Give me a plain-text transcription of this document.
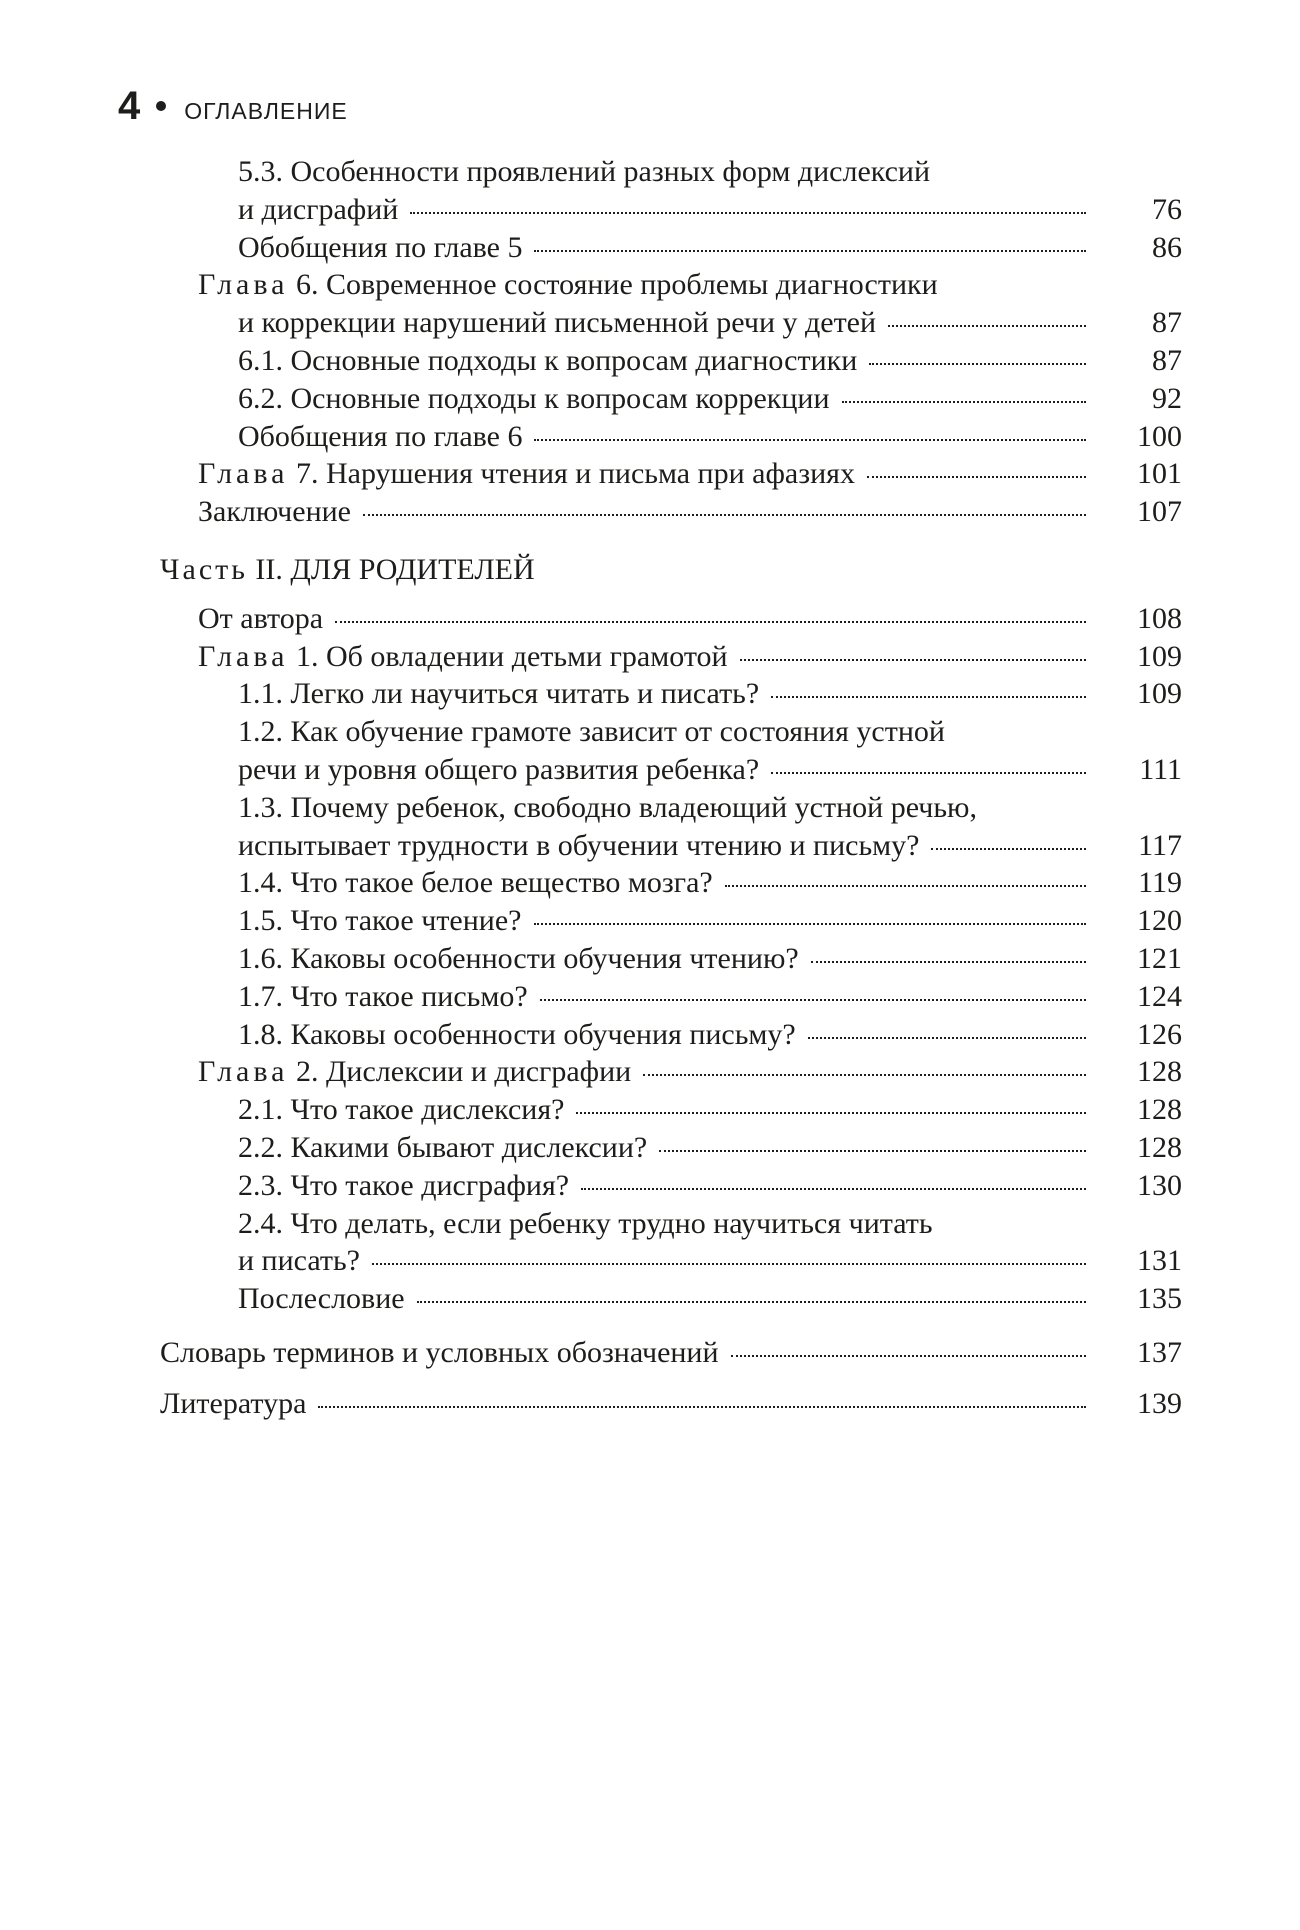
4 ОГЛАВЛЕНИЕ
5.3. Особенности проявлений разных форм дислексий
и дисграфий	76
Обобщения по главе 5	86
Глава 6. Современное состояние проблемы диагностики
и коррекции нарушений письменной речи у детей	87
6.1. Основные подходы к вопросам диагностики	87
6.2. Основные подходы к вопросам коррекции	92
Обобщения по главе 6	100
Глава 7. Нарушения чтения и письма при афазиях	101
Заключение	107
Часть II. ДЛЯ РОДИТЕЛЕЙ
От автора	108
Глава 1. Об овладении детьми грамотой	109
1.1. Легко ли научиться читать и писать?	109
1.2. Как обучение грамоте зависит от состояния устной
речи и уровня общего развития ребенка?	111
1.3. Почему ребенок, свободно владеющий устной речью,
испытывает трудности в обучении чтению и письму?	117
1.4. Что такое белое вещество мозга?	119
1.5. Что такое чтение?	120
1.6. Каковы особенности обучения чтению?	121
1.7. Что такое письмо?	124
1.8. Каковы особенности обучения письму?	126
Глава 2. Дислексии и дисграфии	128
2.1. Что такое дислексия?	128
2.2. Какими бывают дислексии?	128
2.3. Что такое дисграфия?	130
2.4. Что делать, если ребенку трудно научиться читать
и писать?	131
Послесловие	135
Словарь терминов и условных обозначений	137
Литература	139
